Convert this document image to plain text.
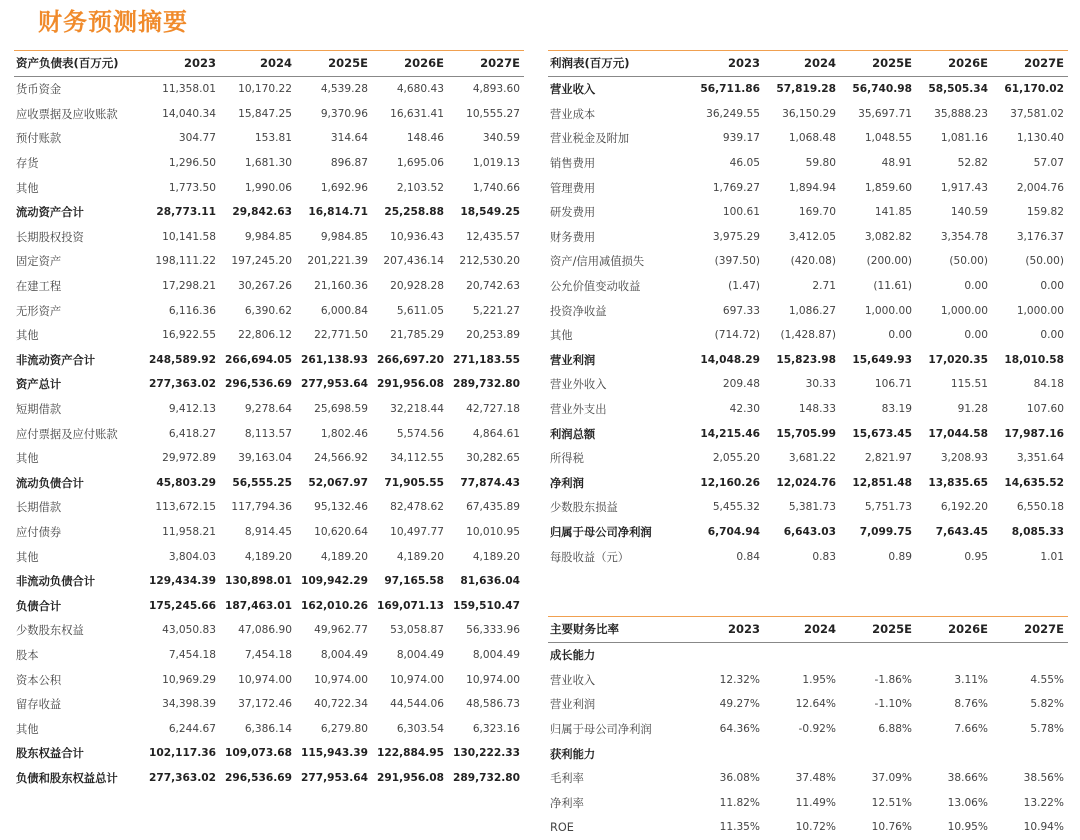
财务预测摘要
资产负债表(百万元)	2023	2024	2025E	2026E	2027E
货币资金	11,358.01	10,170.22	4,539.28	4,680.43	4,893.60
应收票据及应收账款	14,040.34	15,847.25	9,370.96	16,631.41	10,555.27
预付账款	304.77	153.81	314.64	148.46	340.59
存货	1,296.50	1,681.30	896.87	1,695.06	1,019.13
其他	1,773.50	1,990.06	1,692.96	2,103.52	1,740.66
流动资产合计	28,773.11	29,842.63	16,814.71	25,258.88	18,549.25
长期股权投资	10,141.58	9,984.85	9,984.85	10,936.43	12,435.57
固定资产	198,111.22	197,245.20	201,221.39	207,436.14	212,530.20
在建工程	17,298.21	30,267.26	21,160.36	20,928.28	20,742.63
无形资产	6,116.36	6,390.62	6,000.84	5,611.05	5,221.27
其他	16,922.55	22,806.12	22,771.50	21,785.29	20,253.89
非流动资产合计	248,589.92	266,694.05	261,138.93	266,697.20	271,183.55
资产总计	277,363.02	296,536.69	277,953.64	291,956.08	289,732.80
短期借款	9,412.13	9,278.64	25,698.59	32,218.44	42,727.18
应付票据及应付账款	6,418.27	8,113.57	1,802.46	5,574.56	4,864.61
其他	29,972.89	39,163.04	24,566.92	34,112.55	30,282.65
流动负债合计	45,803.29	56,555.25	52,067.97	71,905.55	77,874.43
长期借款	113,672.15	117,794.36	95,132.46	82,478.62	67,435.89
应付债券	11,958.21	8,914.45	10,620.64	10,497.77	10,010.95
其他	3,804.03	4,189.20	4,189.20	4,189.20	4,189.20
非流动负债合计	129,434.39	130,898.01	109,942.29	97,165.58	81,636.04
负债合计	175,245.66	187,463.01	162,010.26	169,071.13	159,510.47
少数股东权益	43,050.83	47,086.90	49,962.77	53,058.87	56,333.96
股本	7,454.18	7,454.18	8,004.49	8,004.49	8,004.49
资本公积	10,969.29	10,974.00	10,974.00	10,974.00	10,974.00
留存收益	34,398.39	37,172.46	40,722.34	44,544.06	48,586.73
其他	6,244.67	6,386.14	6,279.80	6,303.54	6,323.16
股东权益合计	102,117.36	109,073.68	115,943.39	122,884.95	130,222.33
负债和股东权益总计	277,363.02	296,536.69	277,953.64	291,956.08	289,732.80
利润表(百万元)	2023	2024	2025E	2026E	2027E
营业收入	56,711.86	57,819.28	56,740.98	58,505.34	61,170.02
营业成本	36,249.55	36,150.29	35,697.71	35,888.23	37,581.02
营业税金及附加	939.17	1,068.48	1,048.55	1,081.16	1,130.40
销售费用	46.05	59.80	48.91	52.82	57.07
管理费用	1,769.27	1,894.94	1,859.60	1,917.43	2,004.76
研发费用	100.61	169.70	141.85	140.59	159.82
财务费用	3,975.29	3,412.05	3,082.82	3,354.78	3,176.37
资产/信用减值损失	(397.50)	(420.08)	(200.00)	(50.00)	(50.00)
公允价值变动收益	(1.47)	2.71	(11.61)	0.00	0.00
投资净收益	697.33	1,086.27	1,000.00	1,000.00	1,000.00
其他	(714.72)	(1,428.87)	0.00	0.00	0.00
营业利润	14,048.29	15,823.98	15,649.93	17,020.35	18,010.58
营业外收入	209.48	30.33	106.71	115.51	84.18
营业外支出	42.30	148.33	83.19	91.28	107.60
利润总额	14,215.46	15,705.99	15,673.45	17,044.58	17,987.16
所得税	2,055.20	3,681.22	2,821.97	3,208.93	3,351.64
净利润	12,160.26	12,024.76	12,851.48	13,835.65	14,635.52
少数股东损益	5,455.32	5,381.73	5,751.73	6,192.20	6,550.18
归属于母公司净利润	6,704.94	6,643.03	7,099.75	7,643.45	8,085.33
每股收益（元）	0.84	0.83	0.89	0.95	1.01
主要财务比率	2023	2024	2025E	2026E	2027E
成长能力					
营业收入	12.32%	1.95%	-1.86%	3.11%	4.55%
营业利润	49.27%	12.64%	-1.10%	8.76%	5.82%
归属于母公司净利润	64.36%	-0.92%	6.88%	7.66%	5.78%
获利能力					
毛利率	36.08%	37.48%	37.09%	38.66%	38.56%
净利率	11.82%	11.49%	12.51%	13.06%	13.22%
ROE	11.35%	10.72%	10.76%	10.95%	10.94%
